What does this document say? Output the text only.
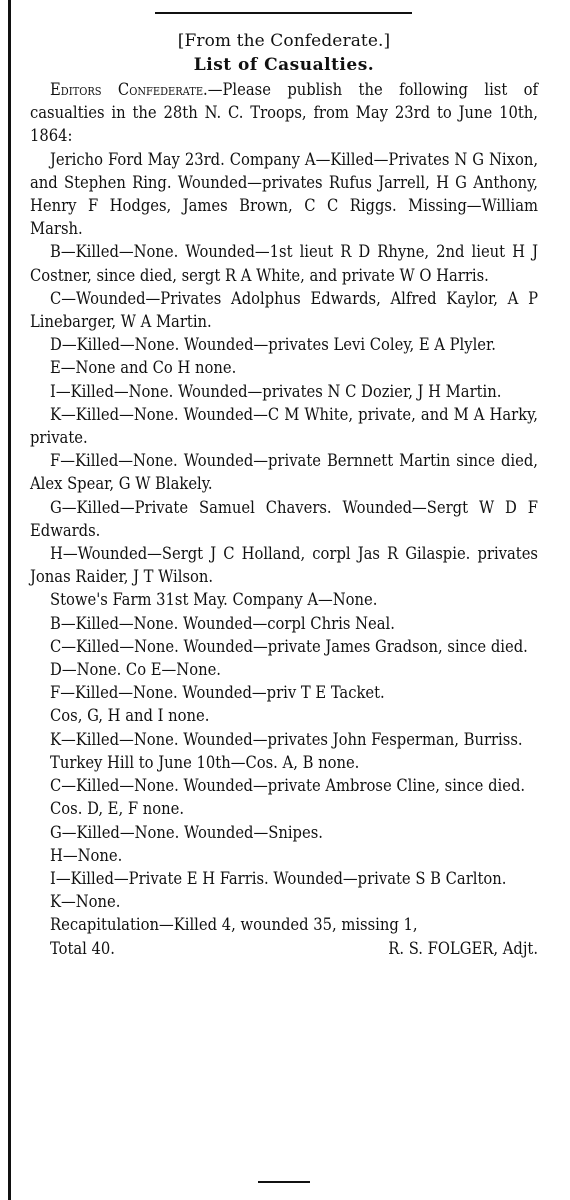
[From the Confederate.]
List of Casualties.

Editors Confederate.—Please publish the following list of casualties in the 28th N. C. Troops, from May 23rd to June 10th, 1864:

Jericho Ford May 23rd. Company A—Killed—Privates N G Nixon, and Stephen Ring. Wounded—privates Rufus Jarrell, H G Anthony, Henry F Hodges, James Brown, C C Riggs. Missing—William Marsh.

B—Killed—None. Wounded—1st lieut R D Rhyne, 2nd lieut H J Costner, since died, sergt R A White, and private W O Harris.

C—Wounded—Privates Adolphus Edwards, Alfred Kaylor, A P Linebarger, W A Martin.

D—Killed—None. Wounded—privates Levi Coley, E A Plyler.

E—None and Co H none.

I—Killed—None. Wounded—privates N C Dozier, J H Martin.

K—Killed—None. Wounded—C M White, private, and M A Harky, private.

F—Killed—None. Wounded—private Bernnett Martin since died, Alex Spear, G W Blakely.

G—Killed—Private Samuel Chavers. Wounded—Sergt W D F Edwards.

H—Wounded—Sergt J C Holland, corpl Jas R Gilaspie. privates Jonas Raider, J T Wilson.

Stowe's Farm 31st May. Company A—None.

B—Killed—None. Wounded—corpl Chris Neal.

C—Killed—None. Wounded—private James Gradson, since died.

D—None. Co E—None.

F—Killed—None. Wounded—priv T E Tacket.

Cos, G, H and I none.

K—Killed—None. Wounded—privates John Fesperman, Burriss.

Turkey Hill to June 10th—Cos. A, B none.

C—Killed—None. Wounded—private Ambrose Cline, since died.

Cos. D, E, F none.

G—Killed—None. Wounded—Snipes.

H—None.

I—Killed—Private E H Farris. Wounded—private S B Carlton.

K—None.

Recapitulation—Killed 4, wounded 35, missing 1,

Total 40.	R. S. FOLGER, Adjt.
